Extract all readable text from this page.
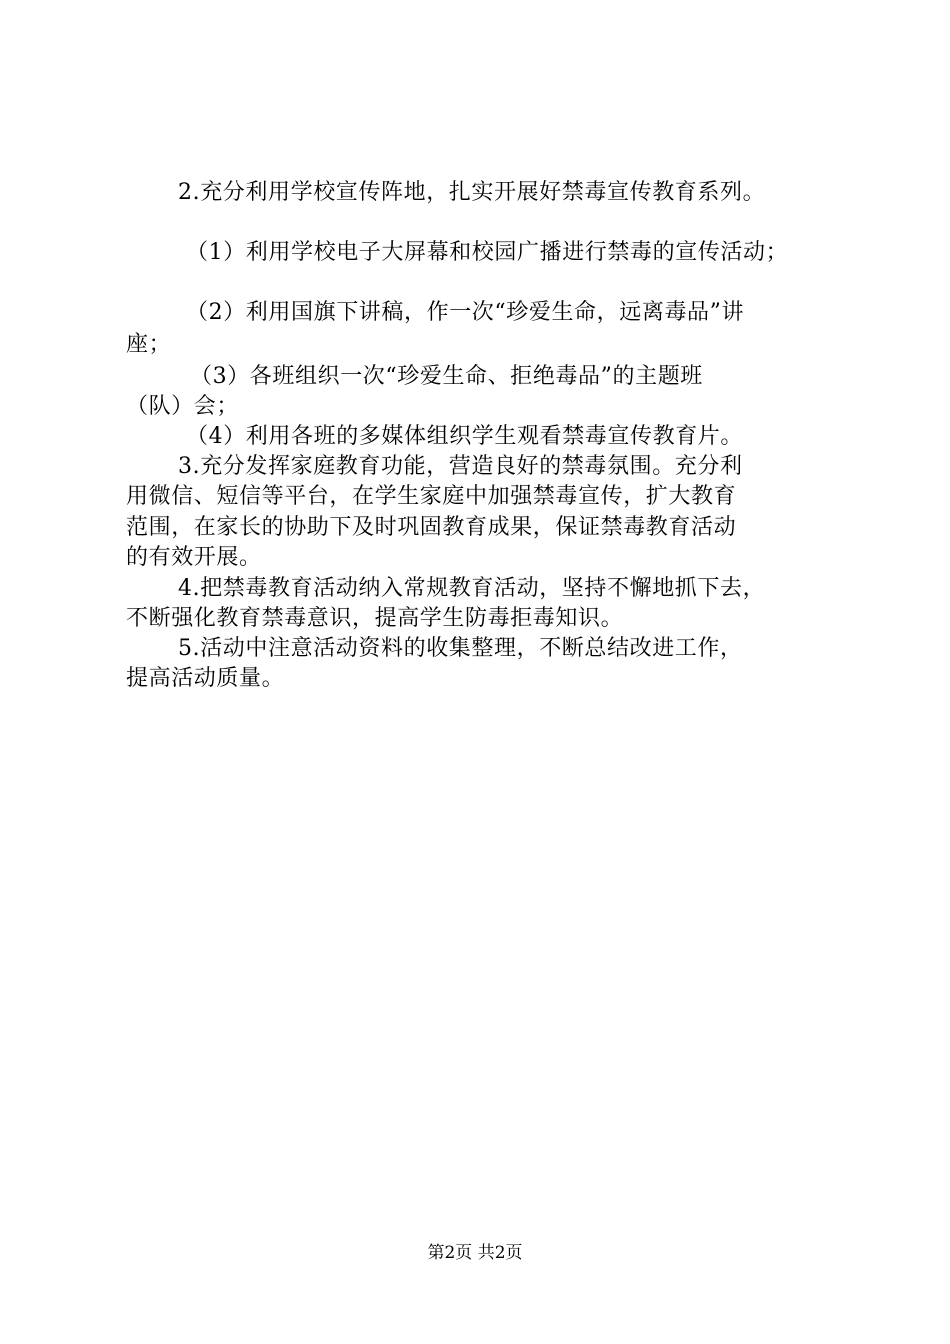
2.充分利用学校宣传阵地，扎实开展好禁毒宣传教育系列。
（1）利用学校电子大屏幕和校园广播进行禁毒的宣传活动；
（2）利用国旗下讲稿，作一次“珍爱生命，远离毒品”讲
座；
（3）各班组织一次“珍爱生命、拒绝毒品”的主题班
（队）会；
（4）利用各班的多媒体组织学生观看禁毒宣传教育片。
3.充分发挥家庭教育功能，营造良好的禁毒氛围。充分利
用微信、短信等平台，在学生家庭中加强禁毒宣传，扩大教育
范围，在家长的协助下及时巩固教育成果，保证禁毒教育活动
的有效开展。
4.把禁毒教育活动纳入常规教育活动，坚持不懈地抓下去，
不断强化教育禁毒意识，提高学生防毒拒毒知识。
5.活动中注意活动资料的收集整理，不断总结改进工作，
提高活动质量。
第2页 共2页
